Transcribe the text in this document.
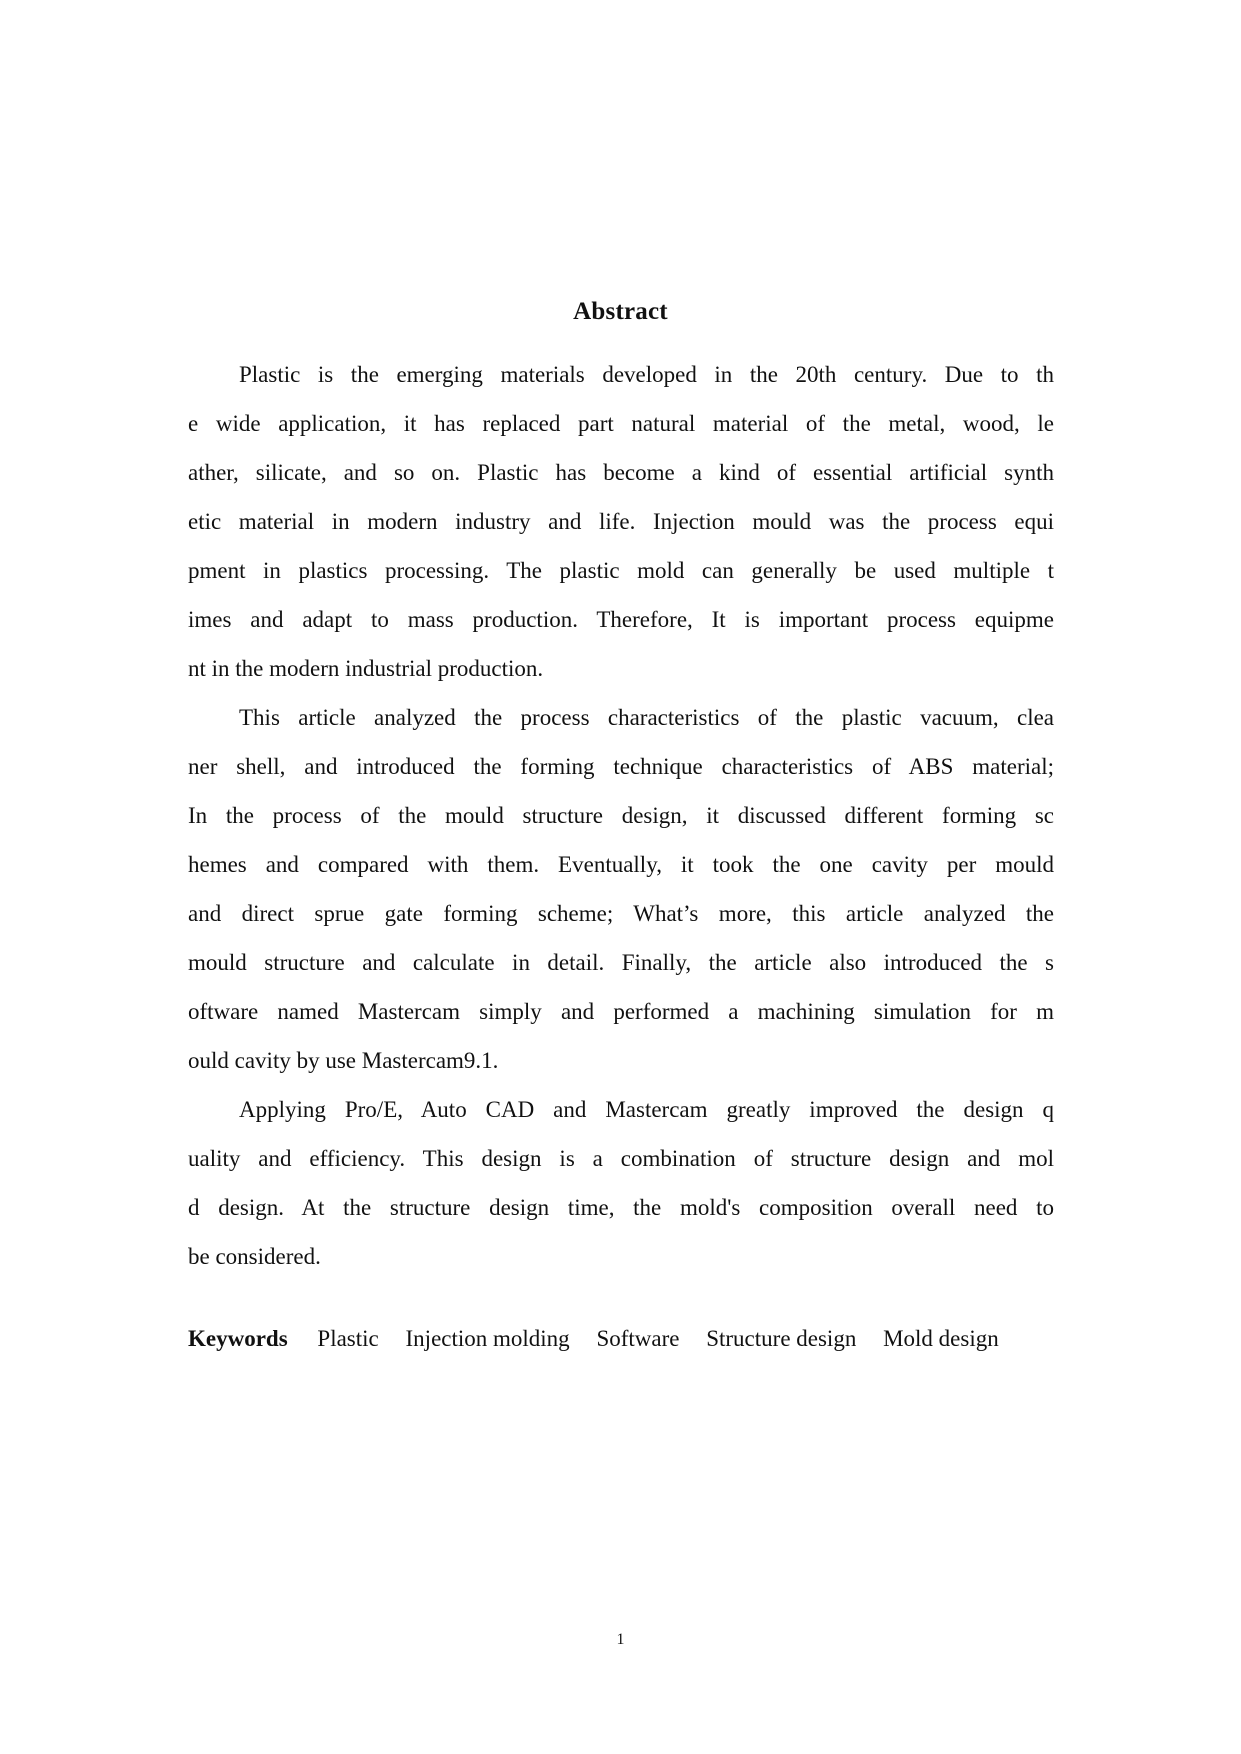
Abstract
Plastic is the emerging materials developed in the 20th century. Due to th
e wide application, it has replaced part natural material of the metal, wood, le
ather, silicate, and so on. Plastic has become a kind of essential artificial synth
etic material in modern industry and life. Injection mould was the process equi
pment in plastics processing. The plastic mold can generally be used multiple t
imes and adapt to mass production. Therefore, It is important process equipme
nt in the modern industrial production.
This article analyzed the process characteristics of the plastic vacuum, clea
ner shell, and introduced the forming technique characteristics of ABS material;
In the process of the mould structure design, it discussed different forming sc
hemes and compared with them. Eventually, it took the one cavity per mould
and direct sprue gate forming scheme; What’s more, this article analyzed the
mould structure and calculate in detail. Finally, the article also introduced the s
oftware named Mastercam simply and performed a machining simulation for m
ould cavity by use Mastercam9.1.
Applying Pro/E, Auto CAD and Mastercam greatly improved the design q
uality and efficiency. This design is a combination of structure design and mol
d design. At the structure design time, the mold's composition overall need to
be considered.
Keywords Plastic Injection molding Software Structure design Mold design
1
